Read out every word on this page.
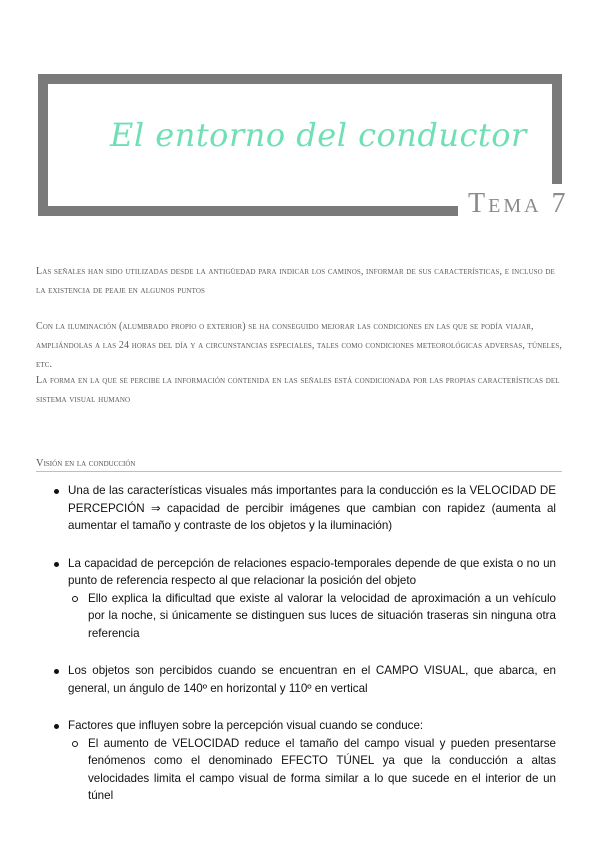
El entorno del conductor
Tema 7
Las señales han sido utilizadas desde la antigüedad para indicar los caminos, informar de sus características, e incluso de la existencia de peaje en algunos puntos
Con la iluminación (alumbrado propio o exterior) se ha conseguido mejorar las condiciones en las que se podía viajar, ampliándolas a las 24 horas del día y a circunstancias especiales, tales como condiciones meteorológicas adversas, túneles, etc.
La forma en la que se percibe la información contenida en las señales está condicionada por las propias características del sistema visual humano
Visión en la conducción
Una de las características visuales más importantes para la conducción es la VELOCIDAD DE PERCEPCIÓN ⇒ capacidad de percibir imágenes que cambian con rapidez (aumenta al aumentar el tamaño y contraste de los objetos y la iluminación)
La capacidad de percepción de relaciones espacio-temporales depende de que exista o no un punto de referencia respecto al que relacionar la posición del objeto
Ello explica la dificultad que existe al valorar la velocidad de aproximación a un vehículo por la noche, si únicamente se distinguen sus luces de situación traseras sin ninguna otra referencia
Los objetos son percibidos cuando se encuentran en el CAMPO VISUAL, que abarca, en general, un ángulo de 140º en horizontal y 110º en vertical
Factores que influyen sobre la percepción visual cuando se conduce:
El aumento de VELOCIDAD reduce el tamaño del campo visual y pueden presentarse fenómenos como el denominado EFECTO TÚNEL ya que la conducción a altas velocidades limita el campo visual de forma similar a lo que sucede en el interior de un túnel
